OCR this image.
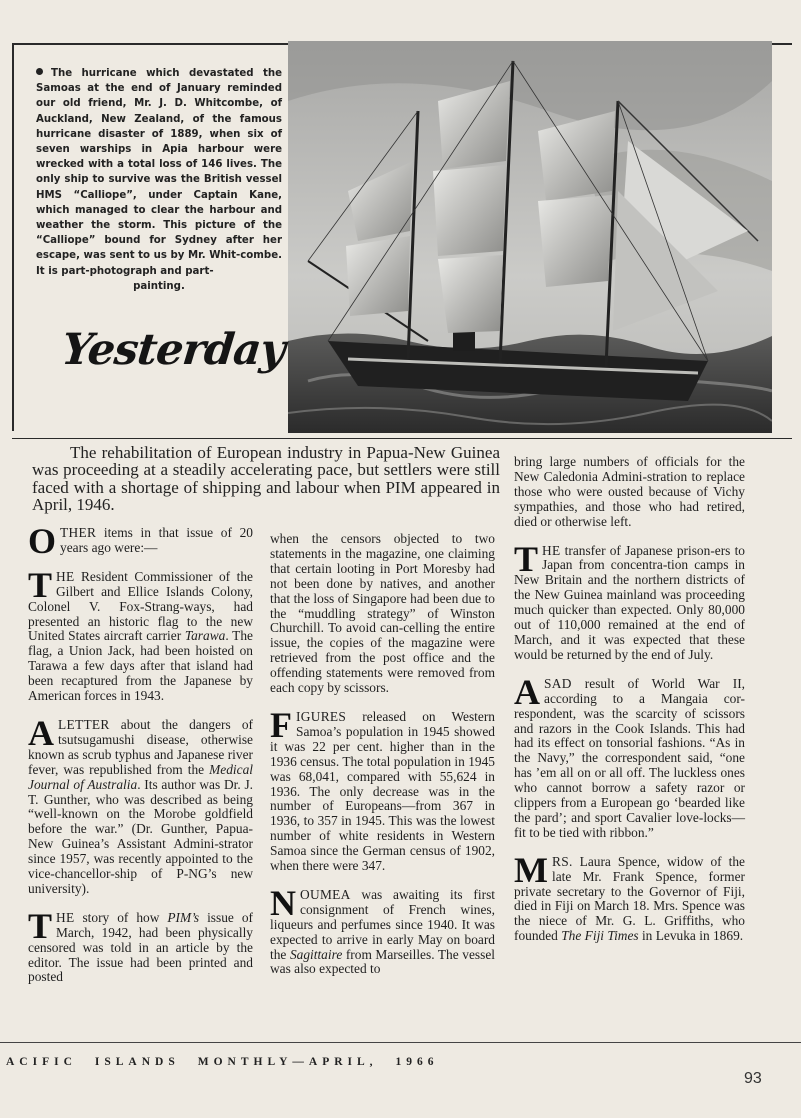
The hurricane which devastated the Samoas at the end of January reminded our old friend, Mr. J. D. Whitcombe, of Auckland, New Zealand, of the famous hurricane disaster of 1889, when six of seven warships in Apia harbour were wrecked with a total loss of 146 lives. The only ship to survive was the British vessel HMS “Calliope”, under Captain Kane, which managed to clear the harbour and weather the storm. This picture of the “Calliope” bound for Sydney after her escape, was sent to us by Mr. Whit-combe. It is part-photograph and part-
painting.
Yesterday

The rehabilitation of European industry in Papua-New Guinea was proceeding at a steadily accelerating pace, but settlers were still faced with a shortage of shipping and labour when PIM appeared in April, 1946.

OTHER items in that issue of 20 years ago were:—

THE Resident Commissioner of the Gilbert and Ellice Islands Colony, Colonel V. Fox-Strang-ways, had presented an historic flag to the new United States aircraft carrier Tarawa. The flag, a Union Jack, had been hoisted on Tarawa a few days after that island had been recaptured from the Japanese by American forces in 1943.

ALETTER about the dangers of tsutsugamushi disease, otherwise known as scrub typhus and Japanese river fever, was republished from the Medical Journal of Australia. Its author was Dr. J. T. Gunther, who was described as being “well-known on the Morobe goldfield before the war.” (Dr. Gunther, Papua-New Guinea’s Assistant Admini-strator since 1957, was recently appointed to the vice-chancellor-ship of P-NG’s new university).

THE story of how PIM’s issue of March, 1942, had been physically censored was told in an article by the editor. The issue had been printed and posted

when the censors objected to two statements in the magazine, one claiming that certain looting in Port Moresby had not been done by natives, and another that the loss of Singapore had been due to the “muddling strategy” of Winston Churchill. To avoid can-celling the entire issue, the copies of the magazine were retrieved from the post office and the offending statements were removed from each copy by scissors.

FIGURES released on Western Samoa’s population in 1945 showed it was 22 per cent. higher than in the 1936 census. The total population in 1945 was 68,041, compared with 55,624 in 1936. The only decrease was in the number of Europeans—from 367 in 1936, to 357 in 1945. This was the lowest number of white residents in Western Samoa since the German census of 1902, when there were 347.

NOUMEA was awaiting its first consignment of French wines, liqueurs and perfumes since 1940. It was expected to arrive in early May on board the Sagittaire from Marseilles. The vessel was also expected to

bring large numbers of officials for the New Caledonia Admini-stration to replace those who were ousted because of Vichy sympathies, and those who had retired, died or otherwise left.

THE transfer of Japanese prison-ers to Japan from concentra-tion camps in New Britain and the northern districts of the New Guinea mainland was proceeding much quicker than expected. Only 80,000 out of 110,000 remained at the end of March, and it was expected that these would be returned by the end of July.

ASAD result of World War II, according to a Mangaia cor-respondent, was the scarcity of scissors and razors in the Cook Islands. This had had its effect on tonsorial fashions. “As in the Navy,” the correspondent said, “one has ’em all on or all off. The luckless ones who cannot borrow a safety razor or clippers from a European go ‘bearded like the pard’; and sport Cavalier love-locks—fit to be tied with ribbon.”

MRS. Laura Spence, widow of the late Mr. Frank Spence, former private secretary to the Governor of Fiji, died in Fiji on March 18. Mrs. Spence was the niece of Mr. G. L. Griffiths, who founded The Fiji Times in Levuka in 1869.

ACIFIC ISLANDS MONTHLY—APRIL, 1966
93
